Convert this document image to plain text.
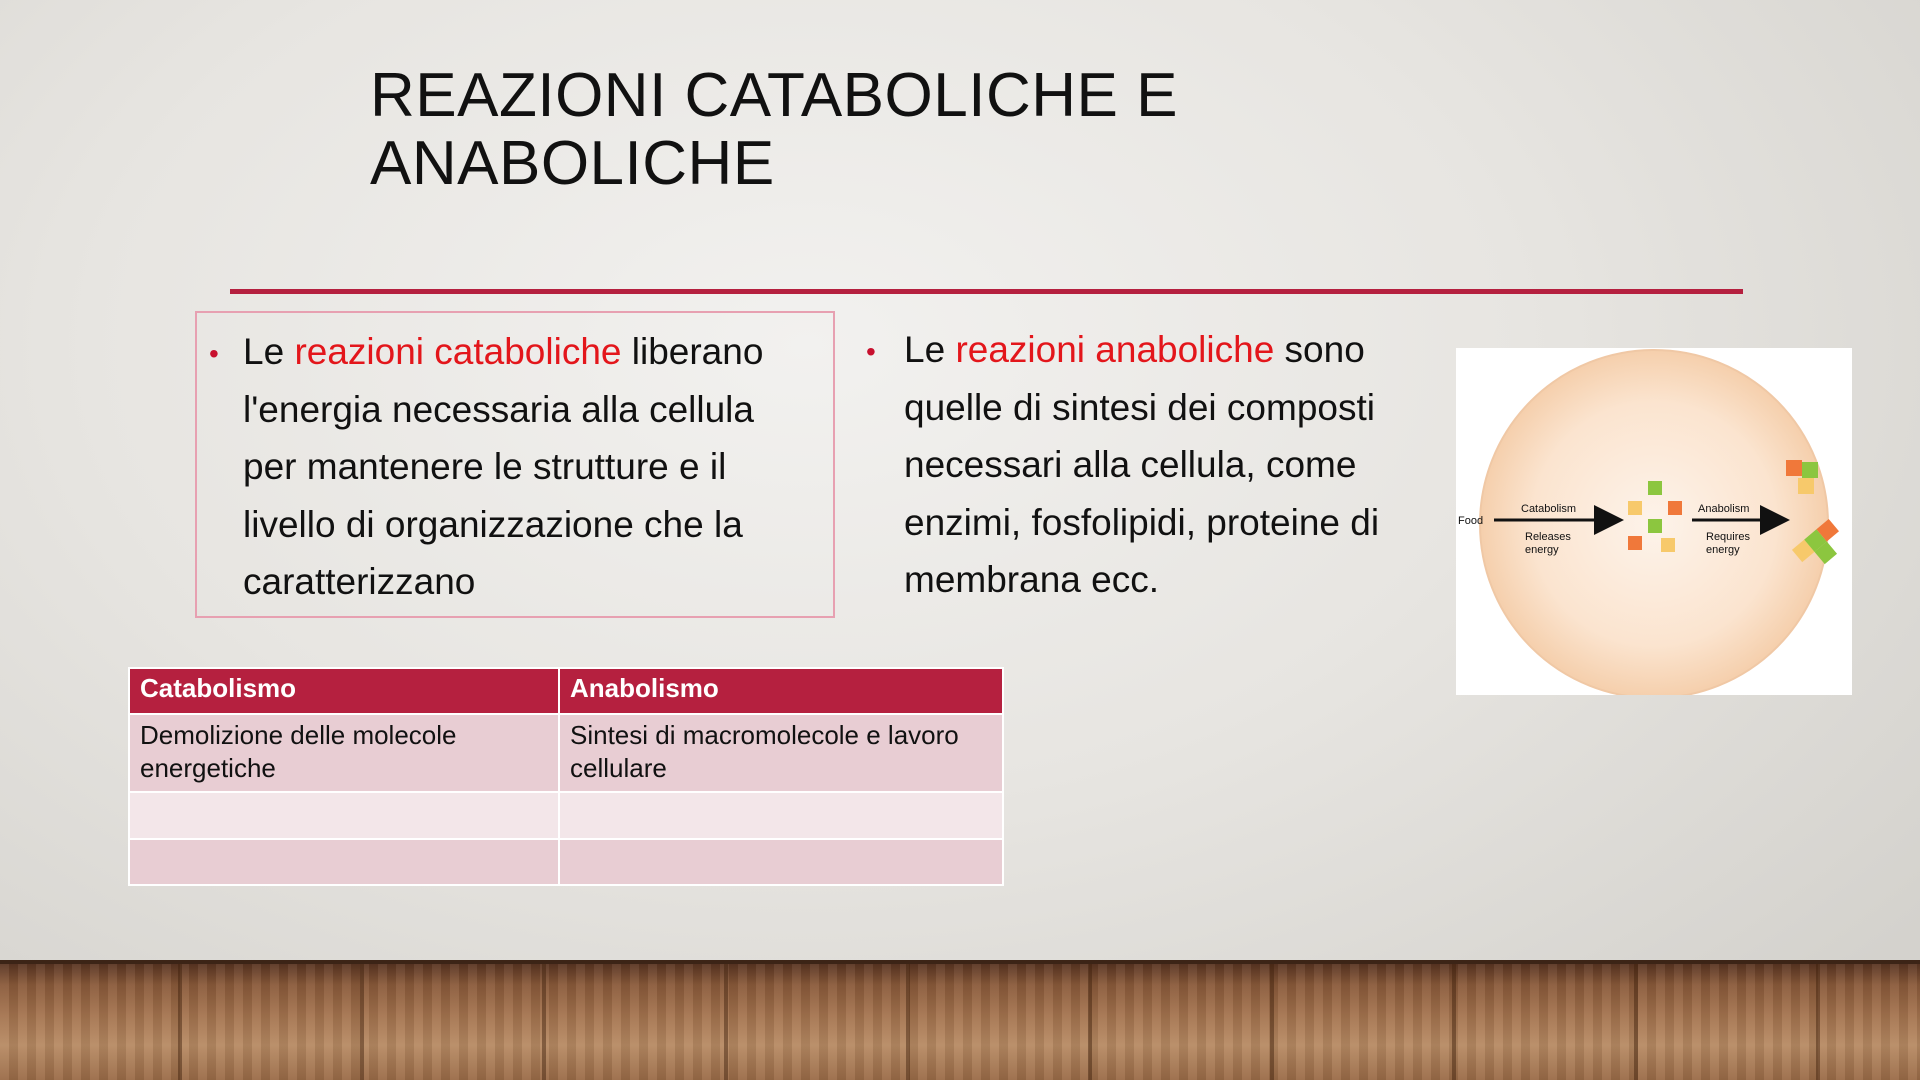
REAZIONI CATABOLICHE E
ANABOLICHE
• Le reazioni cataboliche liberano l'energia necessaria alla cellula per mantenere le strutture e il livello di organizzazione che la caratterizzano

• Le reazioni anaboliche sono quelle di sintesi dei composti necessari alla cellula, come enzimi, fosfolipidi, proteine di membrana ecc.

Food
Catabolism
Releases
energy
Anabolism
Requires
energy
Catabolismo	Anabolismo
Demolizione delle molecole energetiche	Sintesi di macromolecole e lavoro cellulare
